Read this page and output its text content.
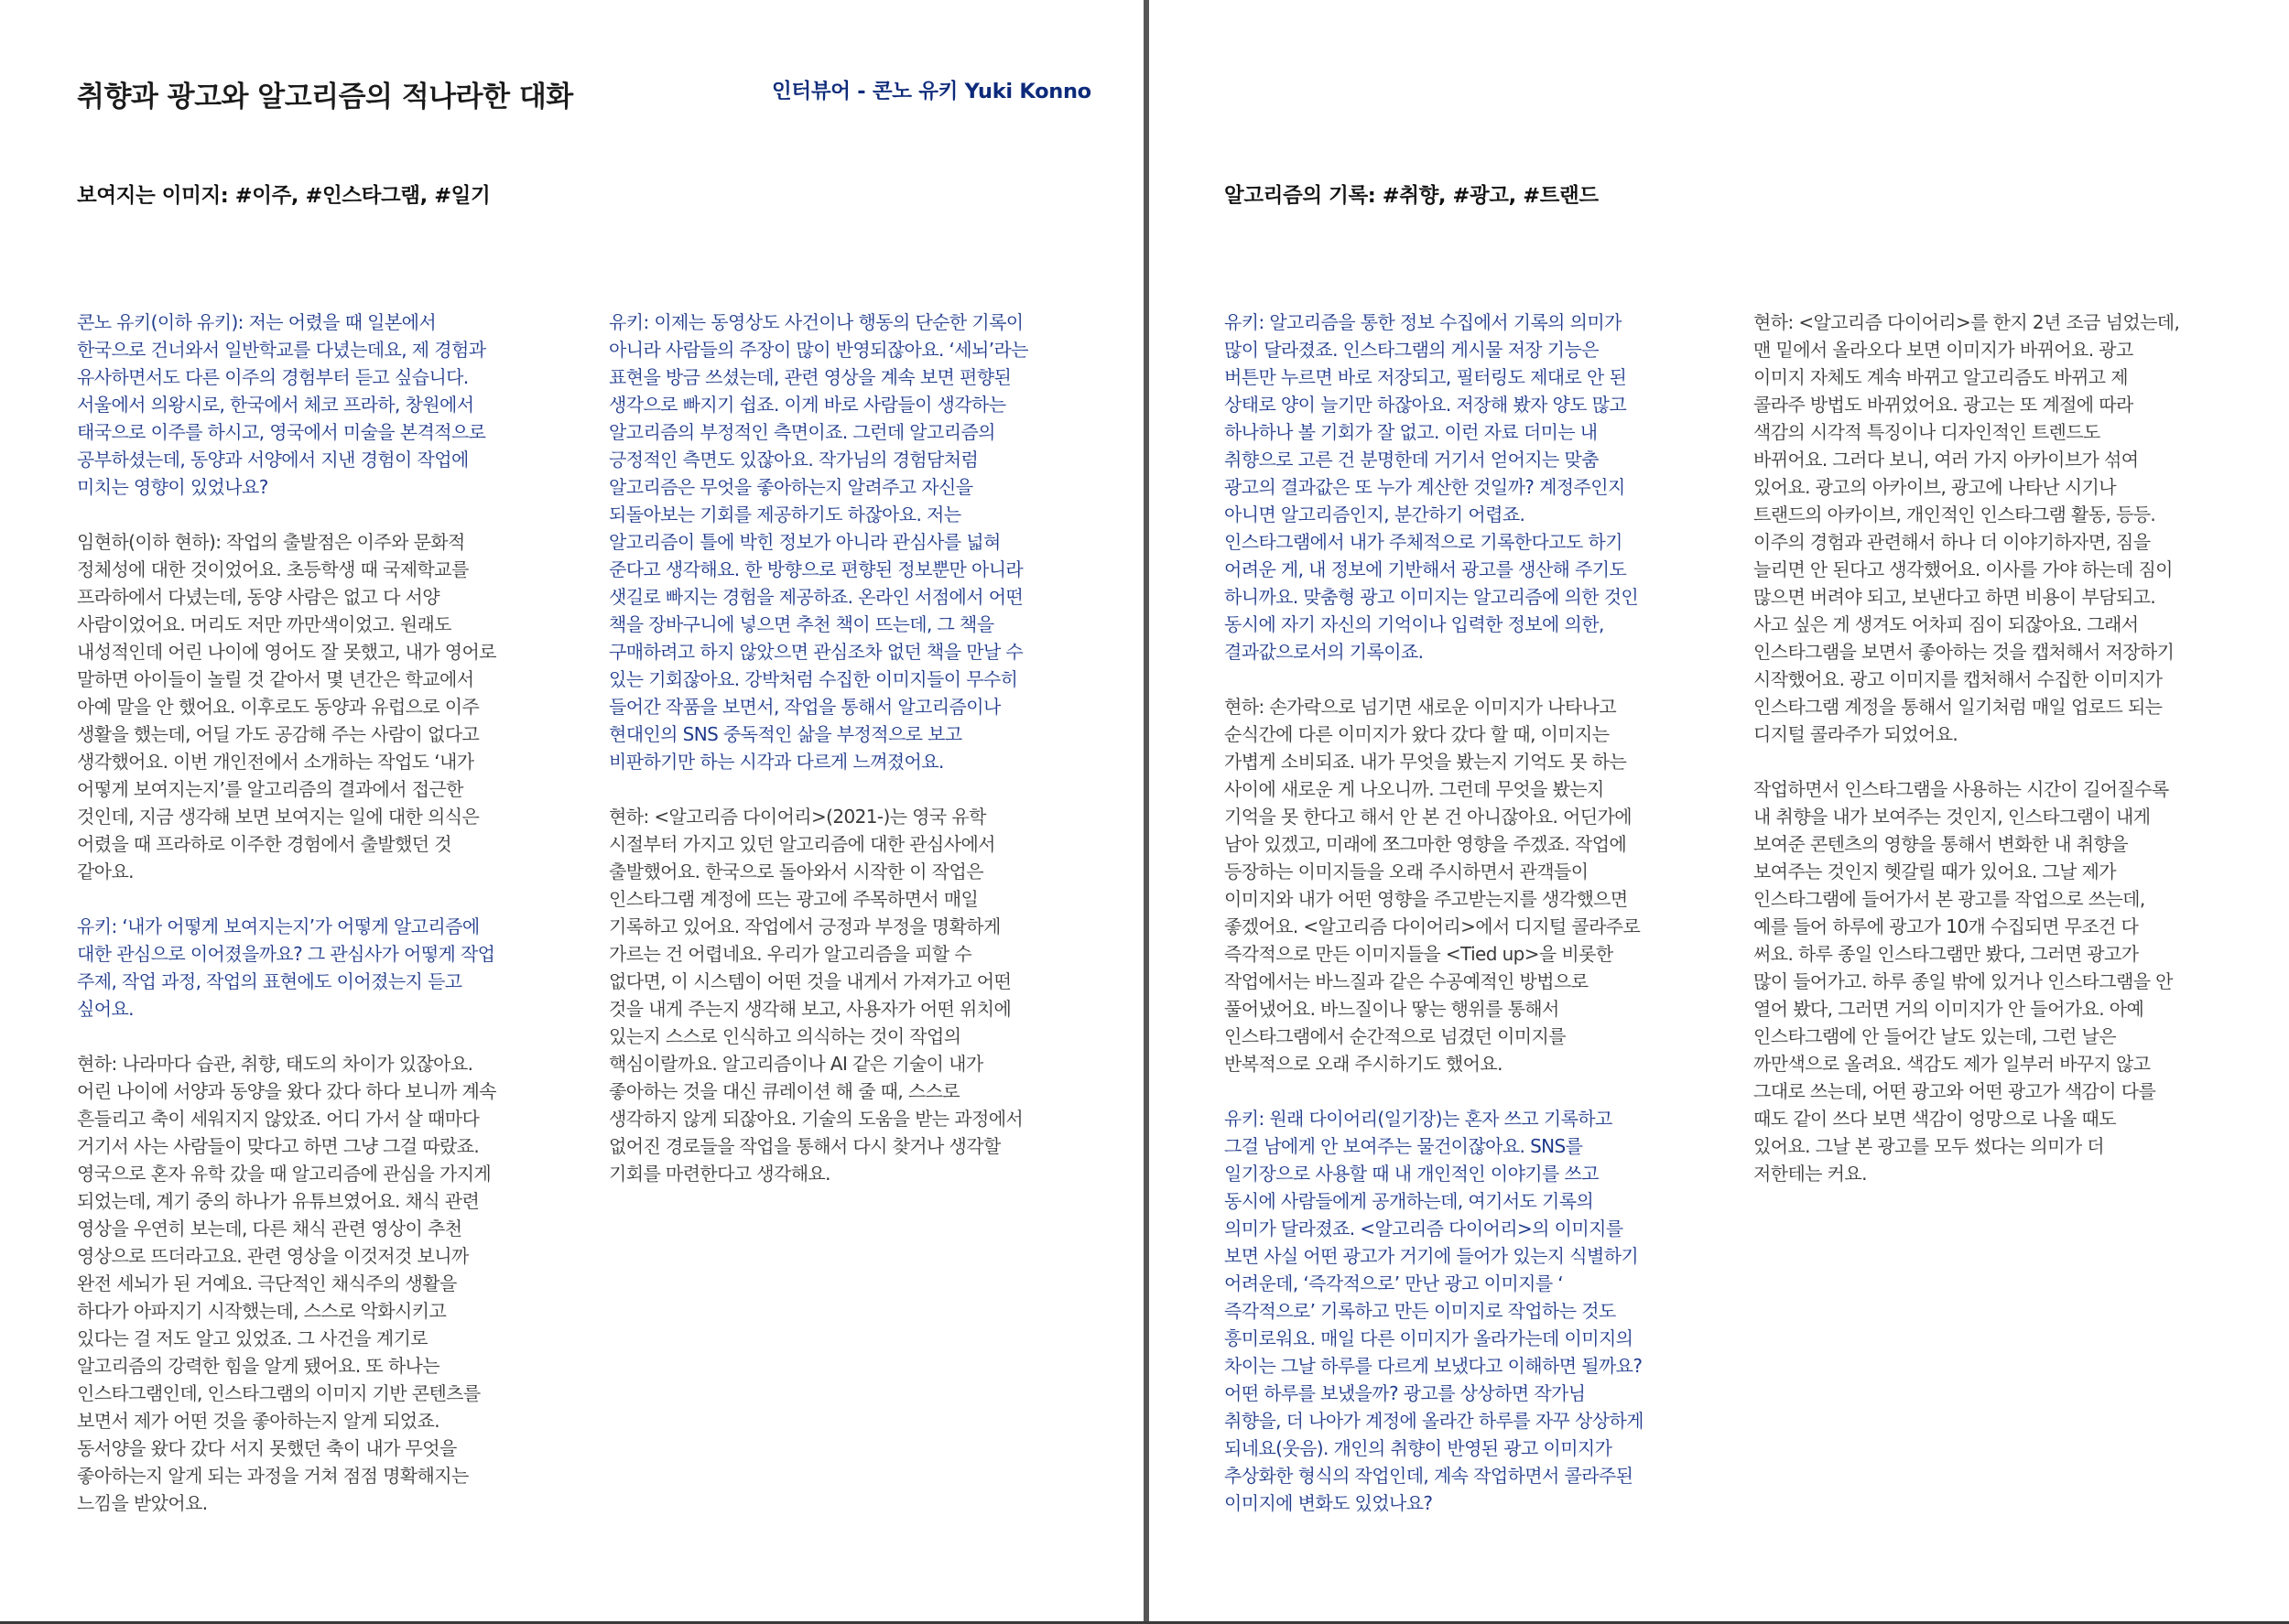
취향과 광고와 알고리즘의 적나라한 대화	인터뷰어 - 콘노 유키 Yuki Konno
보여지는 이미지: #이주, #인스타그램, #일기

콘노 유키(이하 유키): 저는 어렸을 때 일본에서
한국으로 건너와서 일반학교를 다녔는데요, 제 경험과
유사하면서도 다른 이주의 경험부터 듣고 싶습니다.
서울에서 의왕시로, 한국에서 체코 프라하, 창원에서
태국으로 이주를 하시고, 영국에서 미술을 본격적으로
공부하셨는데, 동양과 서양에서 지낸 경험이 작업에
미치는 영향이 있었나요?

임현하(이하 현하): 작업의 출발점은 이주와 문화적
정체성에 대한 것이었어요. 초등학생 때 국제학교를
프라하에서 다녔는데, 동양 사람은 없고 다 서양
사람이었어요. 머리도 저만 까만색이었고. 원래도
내성적인데 어린 나이에 영어도 잘 못했고, 내가 영어로
말하면 아이들이 놀릴 것 같아서 몇 년간은 학교에서
아예 말을 안 했어요. 이후로도 동양과 유럽으로 이주
생활을 했는데, 어딜 가도 공감해 주는 사람이 없다고
생각했어요. 이번 개인전에서 소개하는 작업도 ‘내가
어떻게 보여지는지’를 알고리즘의 결과에서 접근한
것인데, 지금 생각해 보면 보여지는 일에 대한 의식은
어렸을 때 프라하로 이주한 경험에서 출발했던 것
같아요.

유키: ‘내가 어떻게 보여지는지’가 어떻게 알고리즘에
대한 관심으로 이어졌을까요? 그 관심사가 어떻게 작업
주제, 작업 과정, 작업의 표현에도 이어졌는지 듣고
싶어요.

현하: 나라마다 습관, 취향, 태도의 차이가 있잖아요.
어린 나이에 서양과 동양을 왔다 갔다 하다 보니까 계속
흔들리고 축이 세워지지 않았죠. 어디 가서 살 때마다
거기서 사는 사람들이 맞다고 하면 그냥 그걸 따랐죠.
영국으로 혼자 유학 갔을 때 알고리즘에 관심을 가지게
되었는데, 계기 중의 하나가 유튜브였어요. 채식 관련
영상을 우연히 보는데, 다른 채식 관련 영상이 추천
영상으로 뜨더라고요. 관련 영상을 이것저것 보니까
완전 세뇌가 된 거예요. 극단적인 채식주의 생활을
하다가 아파지기 시작했는데, 스스로 악화시키고
있다는 걸 저도 알고 있었죠. 그 사건을 계기로
알고리즘의 강력한 힘을 알게 됐어요. 또 하나는
인스타그램인데, 인스타그램의 이미지 기반 콘텐츠를
보면서 제가 어떤 것을 좋아하는지 알게 되었죠.
동서양을 왔다 갔다 서지 못했던 축이 내가 무엇을
좋아하는지 알게 되는 과정을 거쳐 점점 명확해지는
느낌을 받았어요.

유키: 이제는 동영상도 사건이나 행동의 단순한 기록이
아니라 사람들의 주장이 많이 반영되잖아요. ‘세뇌’라는
표현을 방금 쓰셨는데, 관련 영상을 계속 보면 편향된
생각으로 빠지기 쉽죠. 이게 바로 사람들이 생각하는
알고리즘의 부정적인 측면이죠. 그런데 알고리즘의
긍정적인 측면도 있잖아요. 작가님의 경험담처럼
알고리즘은 무엇을 좋아하는지 알려주고 자신을
되돌아보는 기회를 제공하기도 하잖아요. 저는
알고리즘이 틀에 박힌 정보가 아니라 관심사를 넓혀
준다고 생각해요. 한 방향으로 편향된 정보뿐만 아니라
샛길로 빠지는 경험을 제공하죠. 온라인 서점에서 어떤
책을 장바구니에 넣으면 추천 책이 뜨는데, 그 책을
구매하려고 하지 않았으면 관심조차 없던 책을 만날 수
있는 기회잖아요. 강박처럼 수집한 이미지들이 무수히
들어간 작품을 보면서, 작업을 통해서 알고리즘이나
현대인의 SNS 중독적인 삶을 부정적으로 보고
비판하기만 하는 시각과 다르게 느껴졌어요.

현하: <알고리즘 다이어리>(2021-)는 영국 유학
시절부터 가지고 있던 알고리즘에 대한 관심사에서
출발했어요. 한국으로 돌아와서 시작한 이 작업은
인스타그램 계정에 뜨는 광고에 주목하면서 매일
기록하고 있어요. 작업에서 긍정과 부정을 명확하게
가르는 건 어렵네요. 우리가 알고리즘을 피할 수
없다면, 이 시스템이 어떤 것을 내게서 가져가고 어떤
것을 내게 주는지 생각해 보고, 사용자가 어떤 위치에
있는지 스스로 인식하고 의식하는 것이 작업의
핵심이랄까요. 알고리즘이나 AI 같은 기술이 내가
좋아하는 것을 대신 큐레이션 해 줄 때, 스스로
생각하지 않게 되잖아요. 기술의 도움을 받는 과정에서
없어진 경로들을 작업을 통해서 다시 찾거나 생각할
기회를 마련한다고 생각해요.

알고리즘의 기록: #취향, #광고, #트랜드

유키: 알고리즘을 통한 정보 수집에서 기록의 의미가
많이 달라졌죠. 인스타그램의 게시물 저장 기능은
버튼만 누르면 바로 저장되고, 필터링도 제대로 안 된
상태로 양이 늘기만 하잖아요. 저장해 봤자 양도 많고
하나하나 볼 기회가 잘 없고. 이런 자료 더미는 내
취향으로 고른 건 분명한데 거기서 얻어지는 맞춤
광고의 결과값은 또 누가 계산한 것일까? 계정주인지
아니면 알고리즘인지, 분간하기 어렵죠.
인스타그램에서 내가 주체적으로 기록한다고도 하기
어려운 게, 내 정보에 기반해서 광고를 생산해 주기도
하니까요. 맞춤형 광고 이미지는 알고리즘에 의한 것인
동시에 자기 자신의 기억이나 입력한 정보에 의한,
결과값으로서의 기록이죠.

현하: 손가락으로 넘기면 새로운 이미지가 나타나고
순식간에 다른 이미지가 왔다 갔다 할 때, 이미지는
가볍게 소비되죠. 내가 무엇을 봤는지 기억도 못 하는
사이에 새로운 게 나오니까. 그런데 무엇을 봤는지
기억을 못 한다고 해서 안 본 건 아니잖아요. 어딘가에
남아 있겠고, 미래에 쪼그마한 영향을 주겠죠. 작업에
등장하는 이미지들을 오래 주시하면서 관객들이
이미지와 내가 어떤 영향을 주고받는지를 생각했으면
좋겠어요. <알고리즘 다이어리>에서 디지털 콜라주로
즉각적으로 만든 이미지들을 <Tied up>을 비롯한
작업에서는 바느질과 같은 수공예적인 방법으로
풀어냈어요. 바느질이나 땋는 행위를 통해서
인스타그램에서 순간적으로 넘겼던 이미지를
반복적으로 오래 주시하기도 했어요.

유키: 원래 다이어리(일기장)는 혼자 쓰고 기록하고
그걸 남에게 안 보여주는 물건이잖아요. SNS를
일기장으로 사용할 때 내 개인적인 이야기를 쓰고
동시에 사람들에게 공개하는데, 여기서도 기록의
의미가 달라졌죠. <알고리즘 다이어리>의 이미지를
보면 사실 어떤 광고가 거기에 들어가 있는지 식별하기
어려운데, ‘즉각적으로’ 만난 광고 이미지를 ‘
즉각적으로’ 기록하고 만든 이미지로 작업하는 것도
흥미로워요. 매일 다른 이미지가 올라가는데 이미지의
차이는 그날 하루를 다르게 보냈다고 이해하면 될까요?
어떤 하루를 보냈을까? 광고를 상상하면 작가님
취향을, 더 나아가 계정에 올라간 하루를 자꾸 상상하게
되네요(웃음). 개인의 취향이 반영된 광고 이미지가
추상화한 형식의 작업인데, 계속 작업하면서 콜라주된
이미지에 변화도 있었나요?

현하: <알고리즘 다이어리>를 한지 2년 조금 넘었는데,
맨 밑에서 올라오다 보면 이미지가 바뀌어요. 광고
이미지 자체도 계속 바뀌고 알고리즘도 바뀌고 제
콜라주 방법도 바뀌었어요. 광고는 또 계절에 따라
색감의 시각적 특징이나 디자인적인 트렌드도
바뀌어요. 그러다 보니, 여러 가지 아카이브가 섞여
있어요. 광고의 아카이브, 광고에 나타난 시기나
트랜드의 아카이브, 개인적인 인스타그램 활동, 등등.
이주의 경험과 관련해서 하나 더 이야기하자면, 짐을
늘리면 안 된다고 생각했어요. 이사를 가야 하는데 짐이
많으면 버려야 되고, 보낸다고 하면 비용이 부담되고.
사고 싶은 게 생겨도 어차피 짐이 되잖아요. 그래서
인스타그램을 보면서 좋아하는 것을 캡처해서 저장하기
시작했어요. 광고 이미지를 캡처해서 수집한 이미지가
인스타그램 계정을 통해서 일기처럼 매일 업로드 되는
디지털 콜라주가 되었어요.

작업하면서 인스타그램을 사용하는 시간이 길어질수록
내 취향을 내가 보여주는 것인지, 인스타그램이 내게
보여준 콘텐츠의 영향을 통해서 변화한 내 취향을
보여주는 것인지 헷갈릴 때가 있어요. 그날 제가
인스타그램에 들어가서 본 광고를 작업으로 쓰는데,
예를 들어 하루에 광고가 10개 수집되면 무조건 다
써요. 하루 종일 인스타그램만 봤다, 그러면 광고가
많이 들어가고. 하루 종일 밖에 있거나 인스타그램을 안
열어 봤다, 그러면 거의 이미지가 안 들어가요. 아예
인스타그램에 안 들어간 날도 있는데, 그런 날은
까만색으로 올려요. 색감도 제가 일부러 바꾸지 않고
그대로 쓰는데, 어떤 광고와 어떤 광고가 색감이 다를
때도 같이 쓰다 보면 색감이 엉망으로 나올 때도
있어요. 그날 본 광고를 모두 썼다는 의미가 더
저한테는 커요.
